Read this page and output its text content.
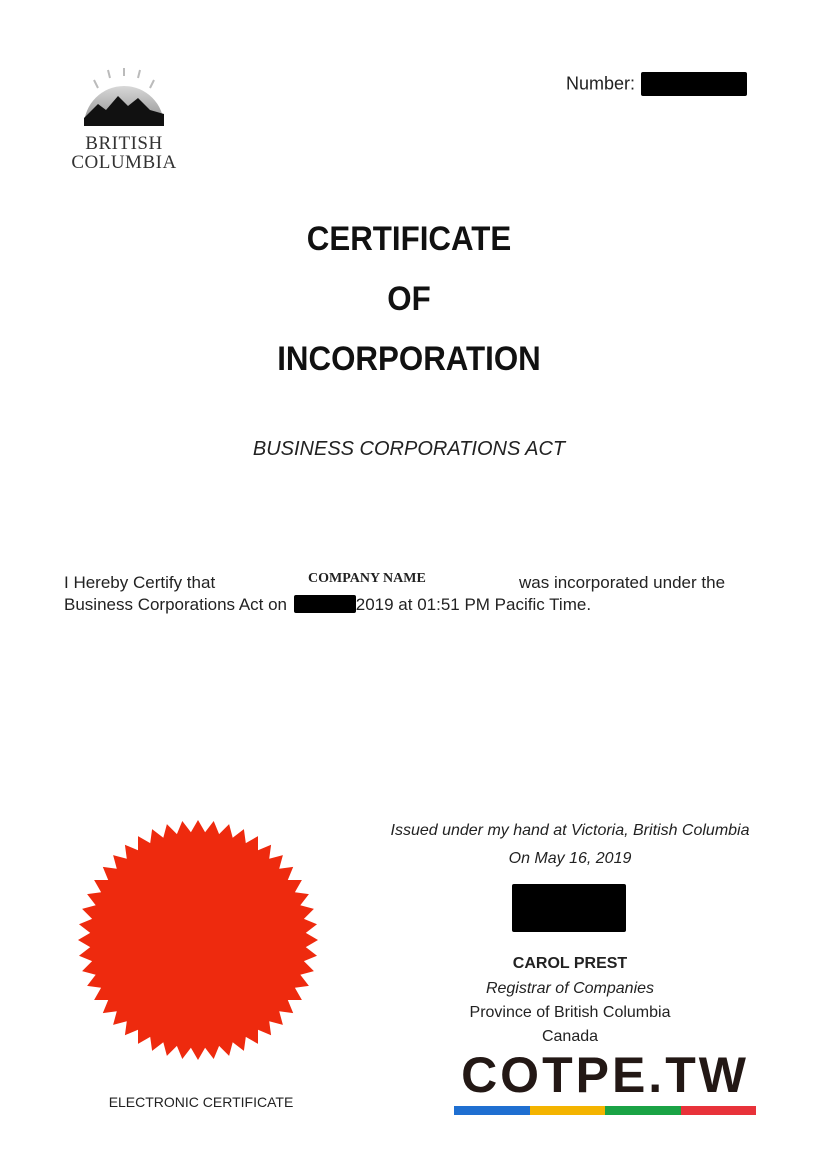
BRITISH
COLUMBIA
Number:
CERTIFICATE
OF
INCORPORATION
BUSINESS CORPORATIONS ACT
I Hereby Certify that	COMPANY NAME	was incorporated under the
Business Corporations Act on	2019 at 01:51 PM Pacific Time.
ELECTRONIC CERTIFICATE
Issued under my hand at Victoria, British Columbia
On May 16, 2019
CAROL PREST
Registrar of Companies
Province of British Columbia
Canada
COTPE.TW
